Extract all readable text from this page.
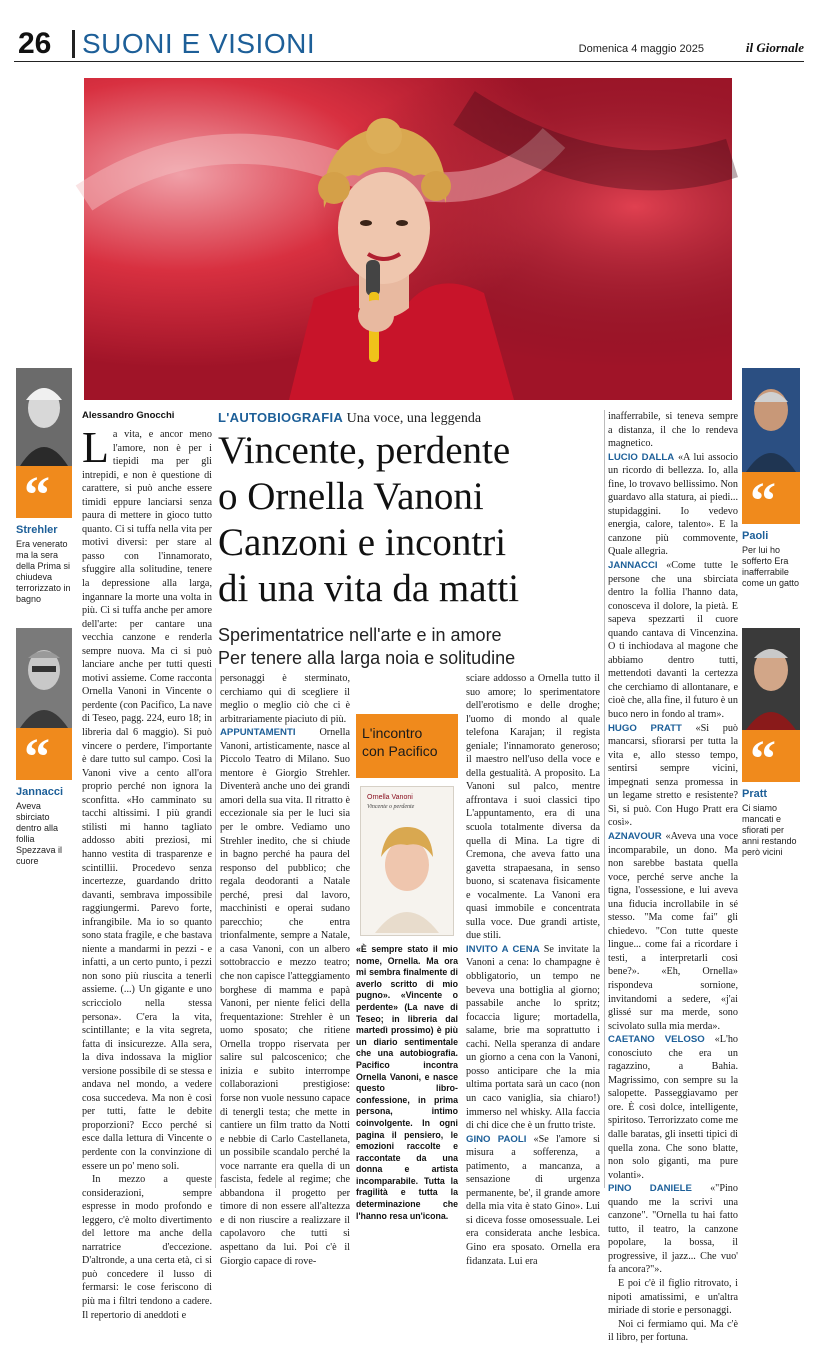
26 SUONI E VISIONI	Domenica 4 maggio 2025	il Giornale
“
Strehler
Era venerato ma la sera della Prima si chiudeva terrorizzato in bagno
“
Jannacci
Aveva sbirciato dentro alla follia Spezzava il cuore
“
Paoli
Per lui ho sofferto Era inafferrabile come un gatto
“
Pratt
Ci siamo mancati e sfiorati per anni restando però vicini
Alessandro Gnocchi	L'AUTOBIOGRAFIA Una voce, una leggenda
Vincente, perdente
o Ornella Vanoni
Canzoni e incontri
di una vita da matti
Sperimentatrice nell'arte e in amore
Per tenere alla larga noia e solitudine

La vita, e ancor meno l'amore, non è per i tiepidi ma per gli intrepidi, e non è questione di carattere, si può anche essere timidi eppure lanciarsi senza paura di mettere in gioco tutto quanto. Ci si tuffa nella vita per motivi diversi: per stare al passo con l'innamorato, sfuggire alla solitudine, tenere la depressione alla larga, ingannare la morte una volta in più. Ci si tuffa anche per amore dell'arte: per cantare una vecchia canzone e renderla sempre nuova. Ma ci si può lanciare anche per tutti questi motivi assieme. Come racconta Ornella Vanoni in Vincente o perdente (con Pacifico, La nave di Teseo, pagg. 224, euro 18; in libreria dal 6 maggio). Si può vincere o perdere, l'importante è dare tutto sul campo. Così la Vanoni vive a cento all'ora proprio perché non ignora la sconfitta. «Ho camminato su tacchi altissimi. I più grandi stilisti mi hanno tagliato addosso abiti preziosi, mi hanno vestita di trasparenze e scintillii. Procedevo senza incertezze, guardando dritto davanti, sembrava impossibile raggiungermi. Parevo forte, infrangibile. Ma io so quanto sono stata fragile, e che bastava niente a mandarmi in pezzi - e infatti, a un certo punto, i pezzi non sono più riuscita a tenerli assieme. (...) Un gigante e uno scricciolo nella stessa persona». C'era la vita, scintillante; e la vita segreta, fatta di insicurezze. Alla sera, la diva indossava la miglior versione possibile di se stessa e andava nel mondo, a vedere cosa succedeva. Ma non è così per tutti, fatte le debite proporzioni? Ecco perché si esce dalla lettura di Vincente o perdente con la convinzione di essere un po' meno soli.

In mezzo a queste considerazioni, sempre espresse in modo profondo e leggero, c'è molto divertimento del lettore ma anche della narratrice d'eccezione. D'altronde, a una certa età, ci si può concedere il lusso di fermarsi: le cose feriscono di più ma i filtri tendono a cadere. Il repertorio di aneddoti e

personaggi è sterminato, cerchiamo qui di scegliere il meglio o meglio ciò che ci è arbitrariamente piaciuto di più.

APPUNTAMENTI Ornella Vanoni, artisticamente, nasce al Piccolo Teatro di Milano. Suo mentore è Giorgio Strehler. Diventerà anche uno dei grandi amori della sua vita. Il ritratto è eccezionale sia per le luci sia per le ombre. Vediamo uno Strehler inedito, che si chiude in bagno perché ha paura del responso del pubblico; che regala deodoranti a Natale perché, presi dal lavoro, macchinisti e operai sudano parecchio; che entra trionfalmente, sempre a Natale, a casa Vanoni, con un albero sottobraccio e mezzo teatro; che non capisce l'atteggiamento borghese di mamma e papà Vanoni, per niente felici della frequentazione: Strehler è un uomo sposato; che ritiene Ornella troppo riservata per salire sul palcoscenico; che inizia e subito interrompe collaborazioni prestigiose: forse non vuole nessuno capace di tenergli testa; che mette in cantiere un film tratto da Notti e nebbie di Carlo Castellaneta, un possibile scandalo perché la voce narrante era quella di un fascista, fedele al regime; che abbandona il progetto per timore di non essere all'altezza e di non riuscire a realizzare il capolavoro che tutti si aspettano da lui. Poi c'è il Giorgio capace di rove-

L'incontro
con Pacifico
Ornella Vanoni
Vincente o perdente
«È sempre stato il mio nome, Ornella. Ma ora mi sembra finalmente di averlo scritto di mio pugno». «Vincente o perdente» (La nave di Teseo; in libreria dal martedì prossimo) è più un diario sentimentale che una autobiografia. Pacifico incontra Ornella Vanoni, e nasce questo libro-confessione, in prima persona, intimo coinvolgente. In ogni pagina il pensiero, le emozioni raccolte e raccontate da una donna e artista incomparabile. Tutta la fragilità e tutta la determinazione che l'hanno resa un'icona.

sciare addosso a Ornella tutto il suo amore; lo sperimentatore dell'erotismo e delle droghe; l'uomo di mondo al quale telefona Karajan; il regista geniale; l'innamorato generoso; il maestro nell'uso della voce e della gestualità. A proposito. La Vanoni sul palco, mentre affrontava i suoi classici tipo L'appuntamento, era di una scuola totalmente diversa da quella di Mina. La tigre di Cremona, che aveva fatto una gavetta strapaesana, in senso buono, si scatenava fisicamente e vocalmente. La Vanoni era quasi immobile e concentrata sulla voce. Due grandi artiste, due stili.

INVITO A CENA Se invitate la Vanoni a cena: lo champagne è obbligatorio, un tempo ne beveva una bottiglia al giorno; passabile anche lo spritz; focaccia ligure; mortadella, salame, brie ma soprattutto i cachi. Nella speranza di andare un giorno a cena con la Vanoni, posso anticipare che la mia ultima portata sarà un caco (non un caco vaniglia, sia chiaro!) immerso nel whisky. Alla faccia di chi dice che è un frutto triste.

GINO PAOLI «Se l'amore si misura a sofferenza, a patimento, a mancanza, a sensazione di urgenza permanente, be', il grande amore della mia vita è stato Gino». Lui si diceva fosse omosessuale. Lei era considerata anche lesbica. Gino era sposato. Ornella era fidanzata. Lui era

inafferrabile, si teneva sempre a distanza, il che lo rendeva magnetico.

LUCIO DALLA «A lui associo un ricordo di bellezza. Io, alla fine, lo trovavo bellissimo. Non guardavo alla statura, ai piedi... stupidaggini. Io vedevo energia, calore, talento». E la canzone più commovente, Quale allegria.

JANNACCI «Come tutte le persone che una sbirciata dentro la follia l'hanno data, conosceva il dolore, la pietà. E sapeva spezzarti il cuore quando cantava di Vincenzina. O ti inchiodava al magone che abbiamo dentro tutti, mettendoti davanti la certezza che cerchiamo di allontanare, e cioè che, alla fine, il futuro è un buco nero in fondo al tram».

HUGO PRATT «Si può mancarsi, sfiorarsi per tutta la vita e, allo stesso tempo, sentirsi sempre vicini, impegnati senza promessa in un legame stretto e resistente? Sì, si può. Con Hugo Pratt era così».

AZNAVOUR «Aveva una voce incomparabile, un dono. Ma non sarebbe bastata quella voce, perché serve anche la tigna, l'ossessione, e lui aveva una fiducia incrollabile in sé stesso. "Ma come fai" gli chiedevo. "Con tutte queste lingue... come fai a ricordare i testi, a interpretarli così bene?». «Eh, Ornella» rispondeva sornione, invitandomi a sedere, «j'ai glissé sur ma merde, sono scivolato sulla mia merda».

CAETANO VELOSO «L'ho conosciuto che era un ragazzino, a Bahia. Magrissimo, con sempre su la salopette. Passeggiavamo per ore. È così dolce, intelligente, spiritoso. Terrorizzato come me dalle baratas, gli insetti tipici di quella zona. Che sono blatte, non solo giganti, ma pure volanti».

PINO DANIELE «"Pino quando me la scrivi una canzone". "Ornella tu hai fatto tutto, il teatro, la canzone popolare, la bossa, il progressive, il jazz... Che vuo' fa ancora?"».

E poi c'è il figlio ritrovato, i nipoti amatissimi, e un'altra miriade di storie e personaggi.

Noi ci fermiamo qui. Ma c'è il libro, per fortuna.
